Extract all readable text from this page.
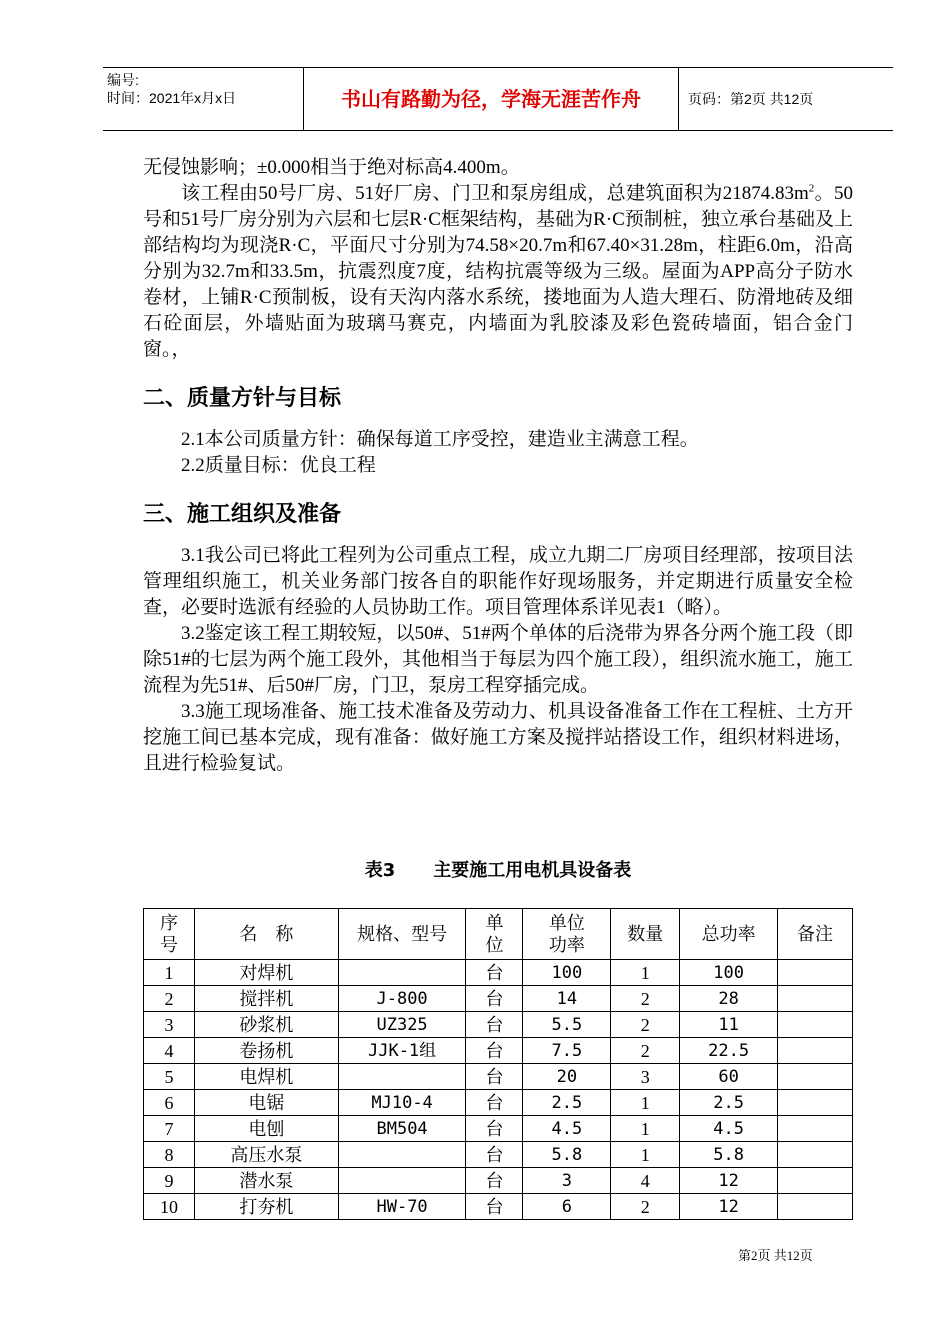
编号:
时间：2021年x月x日	书山有路勤为径，学海无涯苦作舟	页码：第2页 共12页

无侵蚀影响；±0.000相当于绝对标高4.400m。

该工程由50号厂房、51好厂房、门卫和泵房组成，总建筑面积为$21874.83m^2$。50号和51号厂房分别为六层和七层R·C框架结构，基础为R·C预制桩，独立承台基础及上部结构均为现浇R·C，平面尺寸分别为74.58×20.7m和67.40×31.28m，柱距6.0m，沿高分别为32.7m和33.5m，抗震烈度7度，结构抗震等级为三级。屋面为APP高分子防水卷材，上铺R·C预制板，设有天沟内落水系统，搂地面为人造大理石、防滑地砖及细石砼面层，外墙贴面为玻璃马赛克，内墙面为乳胶漆及彩色瓷砖墙面，铝合金门窗。，

二、质量方针与目标

2.1本公司质量方针：确保每道工序受控，建造业主满意工程。

2.2质量目标：优良工程

三、施工组织及准备

3.1我公司已将此工程列为公司重点工程，成立九期二厂房项目经理部，按项目法管理组织施工，机关业务部门按各自的职能作好现场服务，并定期进行质量安全检查，必要时选派有经验的人员协助工作。项目管理体系详见表1（略）。

3.2鉴定该工程工期较短，以50#、51#两个单体的后浇带为界各分两个施工段（即除51#的七层为两个施工段外，其他相当于每层为四个施工段），组织流水施工，施工流程为先51#、后50#厂房，门卫，泵房工程穿插完成。

3.3施工现场准备、施工技术准备及劳动力、机具设备准备工作在工程桩、土方开挖施工间已基本完成，现有准备：做好施工方案及搅拌站搭设工作，组织材料进场，且进行检验复试。

表3 主要施工用电机具设备表
序号	名　称	规格、型号	单位	单位功率	数量	总功率	备注
1	对焊机		台	100	1	100	
2	搅拌机	J-800	台	14	2	28	
3	砂浆机	UZ325	台	5.5	2	11	
4	卷扬机	JJK-1组	台	7.5	2	22.5	
5	电焊机		台	20	3	60	
6	电锯	MJ10-4	台	2.5	1	2.5	
7	电刨	BM504	台	4.5	1	4.5	
8	高压水泵		台	5.8	1	5.8	
9	潜水泵		台	3	4	12	
10	打夯机	HW-70	台	6	2	12	
第2页 共12页
